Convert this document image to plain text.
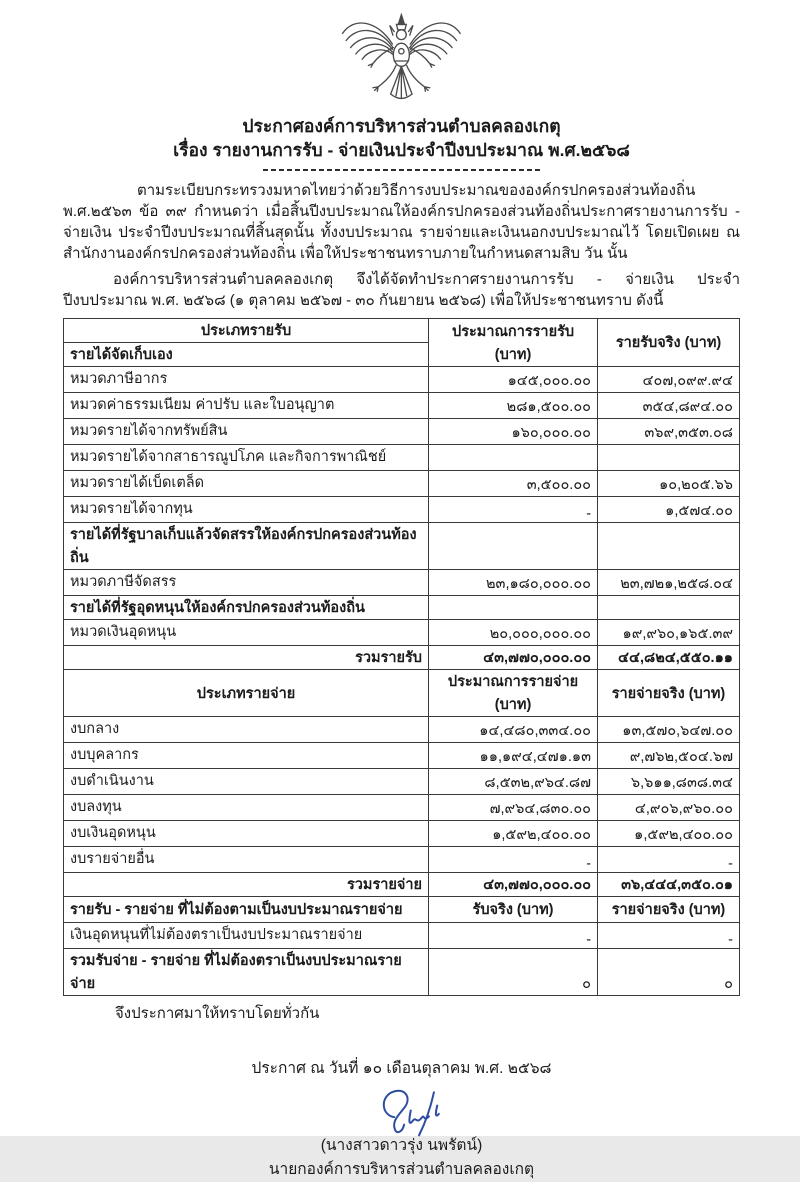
ประกาศองค์การบริหารส่วนตำบลคลองเกตุ
เรื่อง รายงานการรับ - จ่ายเงินประจำปีงบประมาณ พ.ศ.๒๕๖๘

ตามระเบียบกระทรวงมหาดไทยว่าด้วยวิธีการงบประมาณขององค์กรปกครองส่วนท้องถิ่น พ.ศ.๒๕๖๓ ข้อ ๓๙ กำหนดว่า เมื่อสิ้นปีงบประมาณให้องค์กรปกครองส่วนท้องถิ่นประกาศรายงานการรับ - จ่ายเงิน ประจำปีงบประมาณที่สิ้นสุดนั้น ทั้งงบประมาณ รายจ่ายและเงินนอกงบประมาณไว้ โดยเปิดเผย ณ สำนักงานองค์กรปกครองส่วนท้องถิ่น เพื่อให้ประชาชนทราบภายในกำหนดสามสิบ วัน นั้น

องค์การบริหารส่วนตำบลคลองเกตุ จึงได้จัดทำประกาศรายงานการรับ - จ่ายเงิน ประจำปีงบประมาณ พ.ศ. ๒๕๖๘ (๑ ตุลาคม ๒๕๖๗ - ๓๐ กันยายน ๒๕๖๘) เพื่อให้ประชาชนทราบ ดังนี้

ประเภทรายรับ	ประมาณการรายรับ (บาท)	รายรับจริง (บาท)
รายได้จัดเก็บเอง		
หมวดภาษีอากร	๑๔๕,๐๐๐.๐๐	๔๐๗,๐๙๙.๙๔
หมวดค่าธรรมเนียม ค่าปรับ และใบอนุญาต	๒๘๑,๕๐๐.๐๐	๓๕๔,๘๙๔.๐๐
หมวดรายได้จากทรัพย์สิน	๑๖๐,๐๐๐.๐๐	๓๖๙,๓๕๓.๐๘
หมวดรายได้จากสาธารณูปโภค และกิจการพาณิชย์		
หมวดรายได้เบ็ดเตล็ด	๓,๕๐๐.๐๐	๑๐,๒๐๕.๖๖
หมวดรายได้จากทุน	-	๑,๕๗๔.๐๐
รายได้ที่รัฐบาลเก็บแล้วจัดสรรให้องค์กรปกครองส่วนท้องถิ่น		
หมวดภาษีจัดสรร	๒๓,๑๘๐,๐๐๐.๐๐	๒๓,๗๒๑,๒๕๘.๐๔
รายได้ที่รัฐอุดหนุนให้องค์กรปกครองส่วนท้องถิ่น		
หมวดเงินอุดหนุน	๒๐,๐๐๐,๐๐๐.๐๐	๑๙,๙๖๐,๑๖๕.๓๙
รวมรายรับ	๔๓,๗๗๐,๐๐๐.๐๐	๔๔,๘๒๔,๕๕๐.๑๑
ประเภทรายจ่าย	ประมาณการรายจ่าย (บาท)	รายจ่ายจริง (บาท)
งบกลาง	๑๔,๔๘๐,๓๓๔.๐๐	๑๓,๕๗๐,๖๔๗.๐๐
งบบุคลากร	๑๑,๑๙๔,๔๗๑.๑๓	๙,๗๖๒,๕๐๔.๖๗
งบดำเนินงาน	๘,๕๓๒,๙๖๔.๘๗	๖,๖๑๑,๘๓๘.๓๔
งบลงทุน	๗,๙๖๔,๘๓๐.๐๐	๔,๙๐๖,๙๖๐.๐๐
งบเงินอุดหนุน	๑,๕๙๒,๔๐๐.๐๐	๑,๕๙๒,๔๐๐.๐๐
งบรายจ่ายอื่น	-	-
รวมรายจ่าย	๔๓,๗๗๐,๐๐๐.๐๐	๓๖,๔๔๔,๓๕๐.๐๑
รายรับ - รายจ่าย ที่ไม่ต้องตามเป็นงบประมาณรายจ่าย	รับจริง (บาท)	รายจ่ายจริง (บาท)
เงินอุดหนุนที่ไม่ต้องตราเป็นงบประมาณรายจ่าย	-	-
รวมรับจ่าย - รายจ่าย ที่ไม่ต้องตราเป็นงบประมาณรายจ่าย	๐	๐

จึงประกาศมาให้ทราบโดยทั่วกัน

ประกาศ ณ วันที่ ๑๐ เดือนตุลาคม พ.ศ. ๒๕๖๘

(นางสาวดาวรุ่ง นพรัตน์)

นายกองค์การบริหารส่วนตำบลคลองเกตุ
